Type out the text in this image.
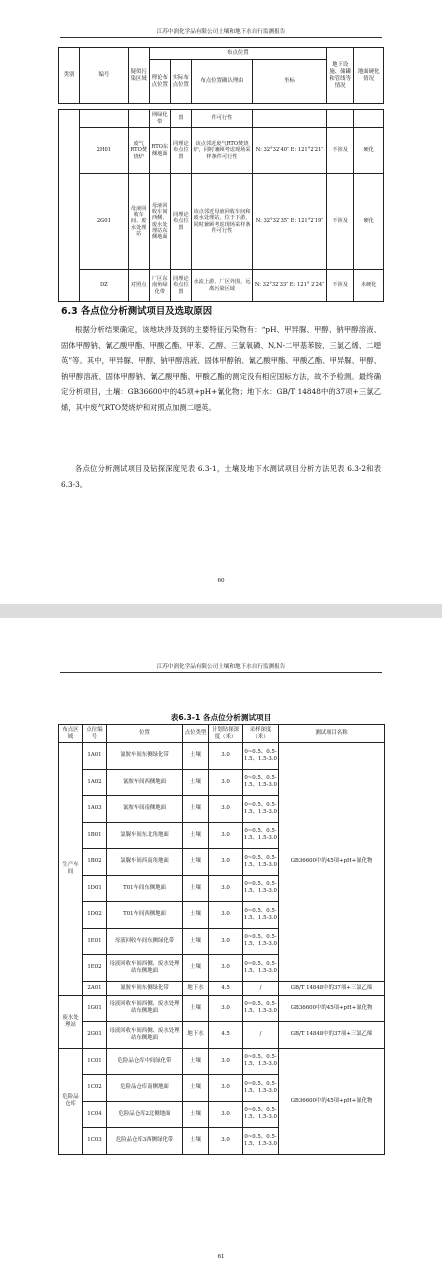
江苏中润化学品有限公司土壤和地下水自行监测报告
类别	编号	疑似污染区域	布点位置				地下设施、储罐和管线等情况	地面硬化情况
			理论布点位置	实际布点位置	布点位置确认理由	坐标		
			网绿化带	置	件可行性			
	2H01	废气RTO焚烧炉	RTO东侧地面	同理论布点位置	该点邻近废气RTO焚烧炉，同时兼顾考虑现场采样条件可行性	N: 32°32′40″ E: 121°2′21″	不涉及	硬化
	2G01	母液回收车间、废水处理站	母液回收车间西侧、废水处理站东侧地面	同理论布点位置	该点邻近母液回收车间和废水处理站，位于下游，同时兼顾考虑现场采样条件可行性	N: 32°32′35″ E: 121°2′19″	不涉及	硬化
	DZ	对照点	厂区东南角绿化带	同理论布点位置	水流上游，厂区外围，远离污染区域	N: 32°32′33″ E: 121° 2′24″	不涉及	未硬化
6.3 各点位分析测试项目及选取原因

根据分析结果确定，该地块涉及到的主要特征污染物有：“pH、甲异脲、甲醇、钠甲醇溶液、固体甲醇钠、氰乙酸甲酯、甲酸乙酯、甲苯、乙醇、三氯氧磷、N,N-二甲基苯胺、三氯乙烯、二噁英”等。其中，甲异脲、甲醇、钠甲醇溶液、固体甲醇钠、氰乙酸甲酯、甲酸乙酯、甲异脲、甲醇、钠甲醇溶液、固体甲醇钠、氰乙酸甲酯、甲酸乙酯的测定没有相应国标方法，故不予检测。最终确定分析项目，土壤：GB36600中的45项+pH+氰化物；地下水：GB/T 14848中的37项+三氯乙烯，其中废气RTO焚烧炉和对照点加测二噁英。

各点位分析测试项目及钻探深度见表 6.3-1，土壤及地下水测试项目分析方法见表 6.3-2和表6.3-3。

60
江苏中润化学品有限公司土壤和地下水自行监测报告
表6.3-1 各点位分析测试项目
布点区域	点位编号	位置	点位类型	计划钻探深度（米）	采样深度（米）	测试项目名称
生产车间	1A01	氰胺车间东侧绿化带	土壤	3.0	0~0.5、0.5-1.5、1.5-3.0	GB36600中的45项+pH+氰化物
	1A02	氰胺车间西侧地面	土壤	3.0	0~0.5、0.5-1.5、1.5-3.0	
	1A03	氰胺车间南侧地面	土壤	3.0	0~0.5、0.5-1.5、1.5-3.0	
	1B01	氯脲车间东北角地面	土壤	3.0	0~0.5、0.5-1.5、1.5-3.0	
	1B02	氯脲车间西南角地面	土壤	3.0	0~0.5、0.5-1.5、1.5-3.0	
	1D01	T01车间东侧地面	土壤	3.0	0~0.5、0.5-1.5、1.5-3.0	
	1D02	T01车间西侧地面	土壤	3.0	0~0.5、0.5-1.5、1.5-3.0	
	1E01	母液回收车间东侧绿化带	土壤	3.0	0~0.5、0.5-1.5、1.5-3.0	
	1E02	母液回收车间西侧、废水处理站东侧地面	土壤	3.0	0~0.5、0.5-1.5、1.5-3.0	
	2A01	氰胺车间东侧绿化带	地下水	4.5	/	GB/T 14848中的37项+三氯乙烯
废水处理站	1G01	母液回收车间西侧、废水处理站东侧地面	土壤	3.0	0~0.5、0.5-1.5、1.5-3.0	GB36600中的45项+pH+氰化物
	2G01	母液回收车间西侧、废水处理站东侧地面	地下水	4.5	/	GB/T 14848中的37项+三氯乙烯
危险品仓库	1C01	危险品仓库中间绿化带	土壤	3.0	0~0.5、0.5-1.5、1.5-3.0	GB36600中的45项+pH+氰化物
	1C02	危险品仓库南侧地面	土壤	3.0	0~0.5、0.5-1.5、1.5-3.0	
	1C04	危险品仓库2北侧地面	土壤	3.0	0~0.5、0.5-1.5、1.5-3.0	
	1C03	危险品仓库3西侧绿化带	土壤	3.0	0~0.5、0.5-1.5、1.5-3.0	
61
